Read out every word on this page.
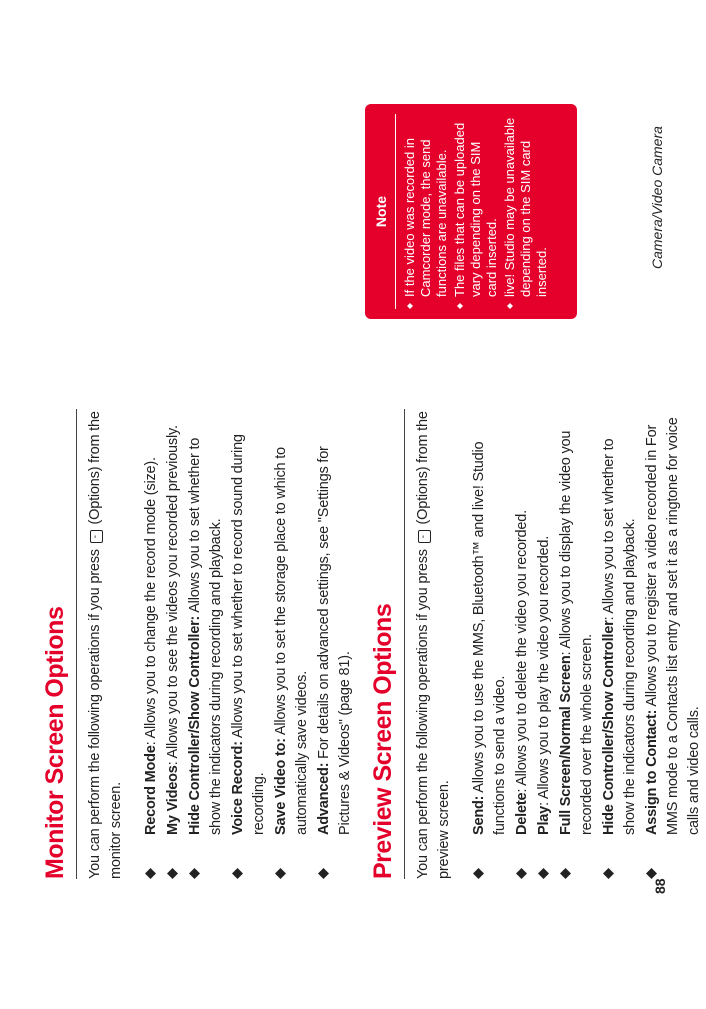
Monitor Screen Options You can perform the following operations if you press - (Options) from the monitor screen. Record Mode: Allows you to change the record mode (size).
My Videos: Allows you to see the videos you recorded previously. Hide Controller/Show Controller: Allows you to set whether to show the indicators during recording and playback. Voice Record: Allows you to set whether to record sound during recording. Save Video to: Allows you to set the storage place to which to automatically save videos. Advanced: For details on advanced settings, see "Settings for Pictures & Videos" (page 81). Preview Screen Options You can perform the following operations if you press - (Options) from the preview screen. Send: Allows you to use the MMS, Bluetooth™ and live! Studio functions to send a video. Delete: Allows you to delete the video you recorded.
Play: Allows you to play the video you recorded. Full Screen/Normal Screen: Allows you to display the video you recorded over the whole screen. Hide Controller/Show Controller: Allows you to set whether to show the indicators during recording and playback. Assign to Contact: Allows you to register a video recorded in For MMS mode to a Contacts list entry and set it as a ringtone for voice calls and video calls.
Note If the video was recorded in Camcorder mode, the send functions are unavailable. The files that can be uploaded vary depending on the SIM card inserted. live! Studio may be unavailable depending on the SIM card inserted.
88
Camera/Video Camera
